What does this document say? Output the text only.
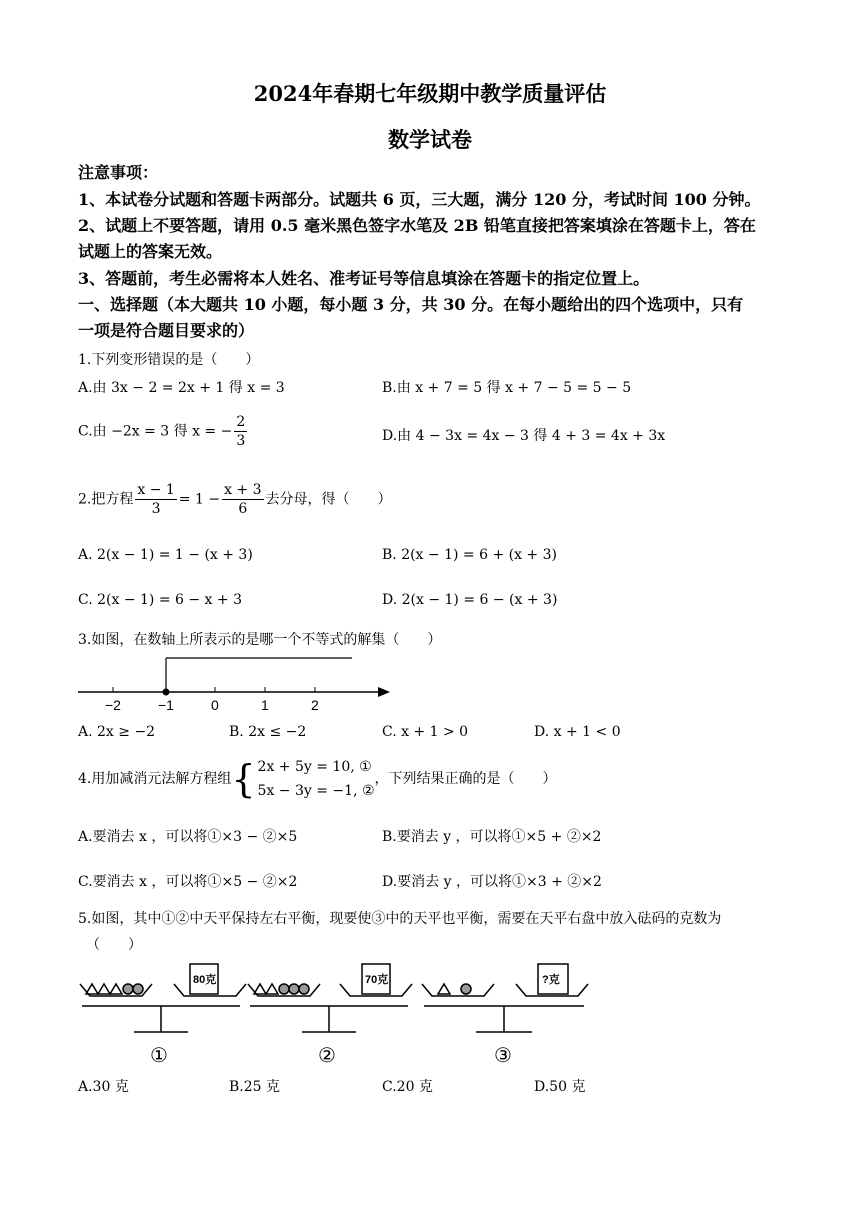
2024年春期七年级期中教学质量评估
数学试卷
注意事项：
1、本试卷分试题和答题卡两部分。试题共 6 页，三大题，满分 120 分，考试时间 100 分钟。
2、试题上不要答题，请用 0.5 毫米黑色签字水笔及 2B 铅笔直接把答案填涂在答题卡上，答在
试题上的答案无效。
3、答题前，考生必需将本人姓名、准考证号等信息填涂在答题卡的指定位置上。
一、选择题（本大题共 10 小题，每小题 3 分，共 30 分。在每小题给出的四个选项中，只有
一项是符合题目要求的）
1.下列变形错误的是（　　）
A.由 3x − 2 = 2x + 1 得 x = 3	B.由 x + 7 = 5 得 x + 7 − 5 = 5 − 5
C.由 −2x = 3 得 x = − $\frac{2}{3}$	D.由 4 − 3x = 4x − 3 得 4 + 3 = 4x + 3x
2.把方程 $\frac{x - 1}{3} = 1 - \frac{x + 3}{6}$ 去分母，得（　　）
A. 2(x − 1) = 1 − (x + 3)	B. 2(x − 1) = 6 + (x + 3)
C. 2(x − 1) = 6 − x + 3	D. 2(x − 1) = 6 − (x + 3)
3.如图，在数轴上所表示的是哪一个不等式的解集（　　）
−2	−1	0	1	2
A. 2x ≥ −2	B. 2x ≤ −2	C. x + 1 > 0	D. x + 1 < 0
4.用加减消元法解方程组 { 2x + 5y = 10, ①
5x − 3y = −1, ②
，下列结果正确的是（　　）
A.要消去 x ，可以将①×3 − ②×5	B.要消去 y ，可以将①×5 + ②×2
C.要消去 x ，可以将①×5 − ②×2	D.要消去 y ，可以将①×3 + ②×2
5.如图，其中①②中天平保持左右平衡，现要使③中的天平也平衡，需要在天平右盘中放入砝码的克数为
（　　）
80克
①
70克
②
?克
③
A.30 克	B.25 克	C.20 克	D.50 克
